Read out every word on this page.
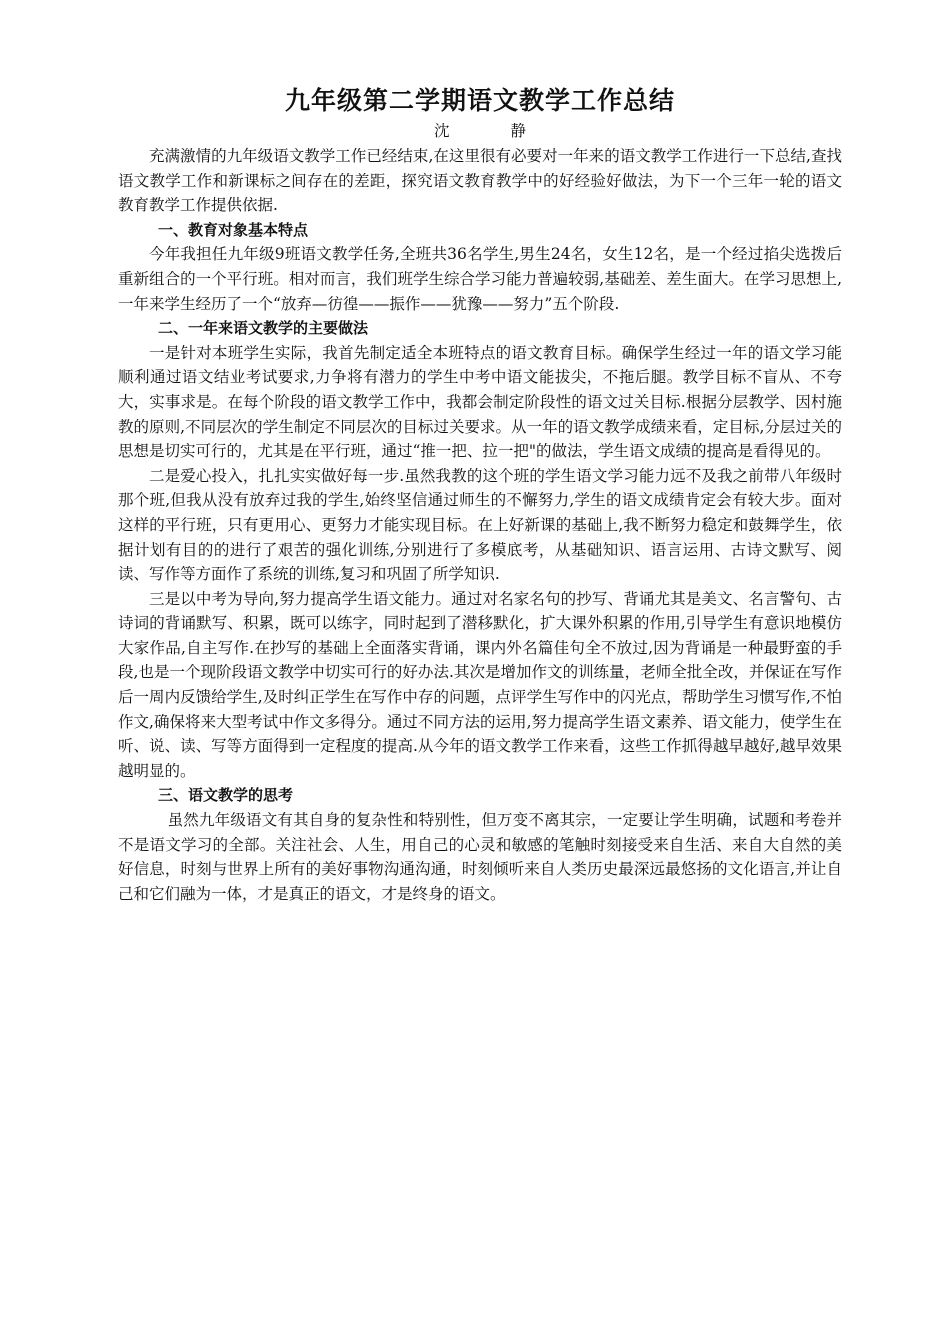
九年级第二学期语文教学工作总结
沈 静

充满激情的九年级语文教学工作已经结束,在这里很有必要对一年来的语文教学工作进行一下总结,查找语文教学工作和新课标之间存在的差距，探究语文教育教学中的好经验好做法，为下一个三年一轮的语文教育教学工作提供依据.

一、教育对象基本特点

今年我担任九年级9班语文教学任务,全班共36名学生,男生24名，女生12名，是一个经过掐尖选拨后重新组合的一个平行班。相对而言，我们班学生综合学习能力普遍较弱,基础差、差生面大。在学习思想上,一年来学生经历了一个“放弃—彷徨——振作——犹豫——努力”五个阶段.

二、一年来语文教学的主要做法

一是针对本班学生实际，我首先制定适全本班特点的语文教育目标。确保学生经过一年的语文学习能顺利通过语文结业考试要求,力争将有潜力的学生中考中语文能拔尖，不拖后腿。教学目标不盲从、不夸大，实事求是。在每个阶段的语文教学工作中，我都会制定阶段性的语文过关目标.根据分层教学、因村施教的原则,不同层次的学生制定不同层次的目标过关要求。从一年的语文教学成绩来看，定目标,分层过关的思想是切实可行的，尤其是在平行班，通过“推一把、拉一把"的做法，学生语文成绩的提高是看得见的。

二是爱心投入，扎扎实实做好每一步.虽然我教的这个班的学生语文学习能力远不及我之前带八年级时那个班,但我从没有放弃过我的学生,始终坚信通过师生的不懈努力,学生的语文成绩肯定会有较大步。面对这样的平行班，只有更用心、更努力才能实现目标。在上好新课的基础上,我不断努力稳定和鼓舞学生，依据计划有目的的进行了艰苦的强化训练,分别进行了多模底考，从基础知识、语言运用、古诗文默写、阅读、写作等方面作了系统的训练,复习和巩固了所学知识.

三是以中考为导向,努力提高学生语文能力。通过对名家名句的抄写、背诵尤其是美文、名言警句、古诗词的背诵默写、积累，既可以练字，同时起到了潜移默化，扩大课外积累的作用,引导学生有意识地模仿大家作品,自主写作.在抄写的基础上全面落实背诵，课内外名篇佳句全不放过,因为背诵是一种最野蛮的手段,也是一个现阶段语文教学中切实可行的好办法.其次是增加作文的训练量，老师全批全改，并保证在写作后一周内反馈给学生,及时纠正学生在写作中存的问题，点评学生写作中的闪光点，帮助学生习惯写作,不怕作文,确保将来大型考试中作文多得分。通过不同方法的运用,努力提高学生语文素养、语文能力，使学生在听、说、读、写等方面得到一定程度的提高.从今年的语文教学工作来看，这些工作抓得越早越好,越早效果越明显的。

三、语文教学的思考

虽然九年级语文有其自身的复杂性和特别性，但万变不离其宗，一定要让学生明确，试题和考卷并不是语文学习的全部。关注社会、人生，用自己的心灵和敏感的笔触时刻接受来自生活、来自大自然的美好信息，时刻与世界上所有的美好事物沟通沟通，时刻倾听来自人类历史最深远最悠扬的文化语言,并让自己和它们融为一体，才是真正的语文，才是终身的语文。
